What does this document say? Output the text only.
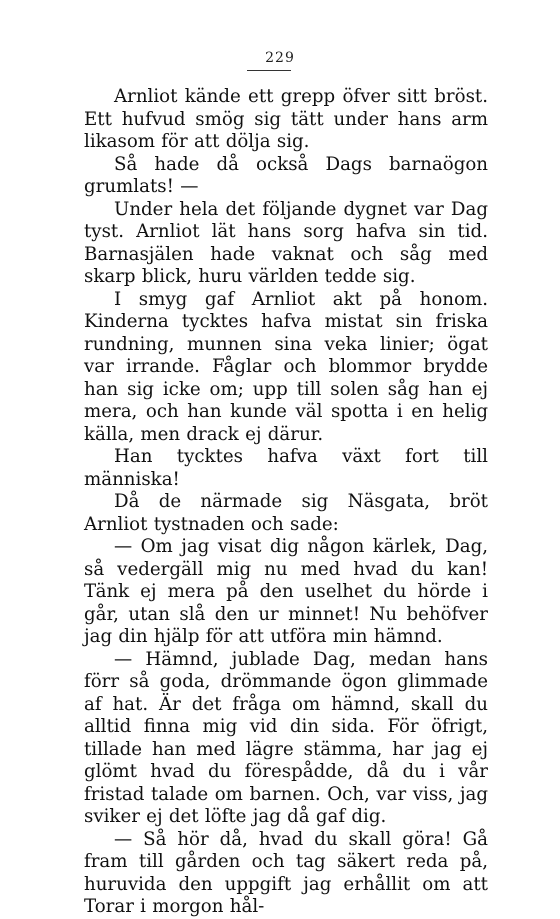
229

Arnliot kände ett grepp öfver sitt bröst. Ett hufvud smög sig tätt under hans arm likasom för att dölja sig.

Så hade då också Dags barnaögon grumlats! —

Under hela det följande dygnet var Dag tyst. Arnliot lät hans sorg hafva sin tid. Barnasjälen hade vaknat och såg med skarp blick, huru världen tedde sig.

I smyg gaf Arnliot akt på honom. Kinderna tycktes hafva mistat sin friska rundning, munnen sina veka linier; ögat var irrande. Fåglar och blommor brydde han sig icke om; upp till solen såg han ej mera, och han kunde väl spotta i en helig källa, men drack ej därur.

Han tycktes hafva växt fort till människa!

Då de närmade sig Näsgata, bröt Arnliot tystnaden och sade:

— Om jag visat dig någon kärlek, Dag, så vedergäll mig nu med hvad du kan! Tänk ej mera på den uselhet du hörde i går, utan slå den ur minnet! Nu behöfver jag din hjälp för att utföra min hämnd.

— Hämnd, jublade Dag, medan hans förr så goda, drömmande ögon glimmade af hat. Är det fråga om hämnd, skall du alltid finna mig vid din sida. För öfrigt, tillade han med lägre stämma, har jag ej glömt hvad du förespådde, då du i vår fristad talade om barnen. Och, var viss, jag sviker ej det löfte jag då gaf dig.

— Så hör då, hvad du skall göra! Gå fram till gården och tag säkert reda på, huruvida den uppgift jag erhållit om att Torar i morgon hål-
